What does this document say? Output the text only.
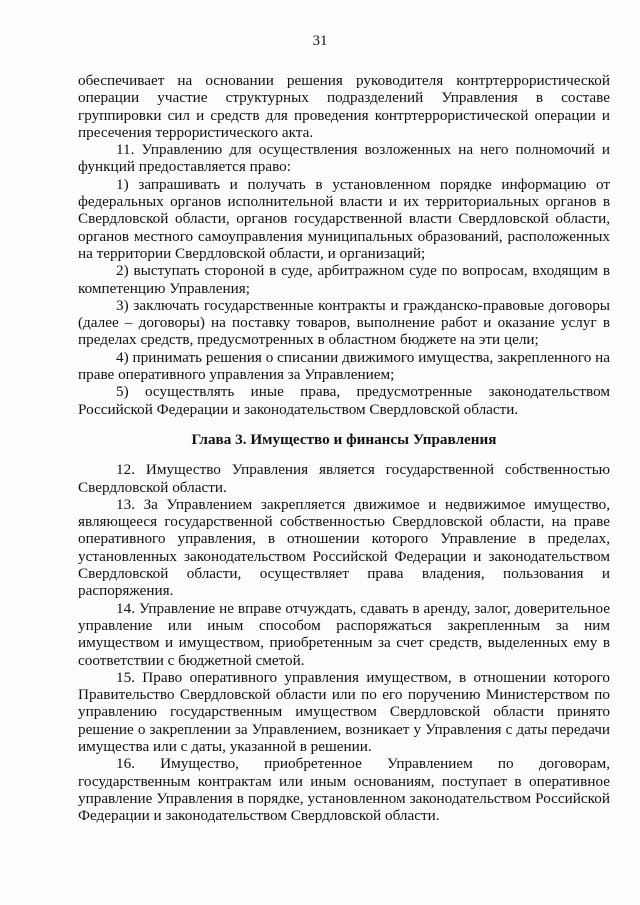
31

обеспечивает на основании решения руководителя контртеррористической операции участие структурных подразделений Управления в составе группировки сил и средств для проведения контртеррористической операции и пресечения террористического акта.

11. Управлению для осуществления возложенных на него полномочий и функций предоставляется право:

1) запрашивать и получать в установленном порядке информацию от федеральных органов исполнительной власти и их территориальных органов в Свердловской области, органов государственной власти Свердловской области, органов местного самоуправления муниципальных образований, расположенных на территории Свердловской области, и организаций;

2) выступать стороной в суде, арбитражном суде по вопросам, входящим в компетенцию Управления;

3) заключать государственные контракты и гражданско-правовые договоры (далее – договоры) на поставку товаров, выполнение работ и оказание услуг в пределах средств, предусмотренных в областном бюджете на эти цели;

4) принимать решения о списании движимого имущества, закрепленного на праве оперативного управления за Управлением;

5) осуществлять иные права, предусмотренные законодательством Российской Федерации и законодательством Свердловской области.

Глава 3. Имущество и финансы Управления

12. Имущество Управления является государственной собственностью Свердловской области.

13. За Управлением закрепляется движимое и недвижимое имущество, являющееся государственной собственностью Свердловской области, на праве оперативного управления, в отношении которого Управление в пределах, установленных законодательством Российской Федерации и законодательством Свердловской области, осуществляет права владения, пользования и распоряжения.

14. Управление не вправе отчуждать, сдавать в аренду, залог, доверительное управление или иным способом распоряжаться закрепленным за ним имуществом и имуществом, приобретенным за счет средств, выделенных ему в соответствии с бюджетной сметой.

15. Право оперативного управления имуществом, в отношении которого Правительство Свердловской области или по его поручению Министерством по управлению государственным имуществом Свердловской области принято решение о закреплении за Управлением, возникает у Управления с даты передачи имущества или с даты, указанной в решении.

16. Имущество, приобретенное Управлением по договорам, государственным контрактам или иным основаниям, поступает в оперативное управление Управления в порядке, установленном законодательством Российской Федерации и законодательством Свердловской области.
